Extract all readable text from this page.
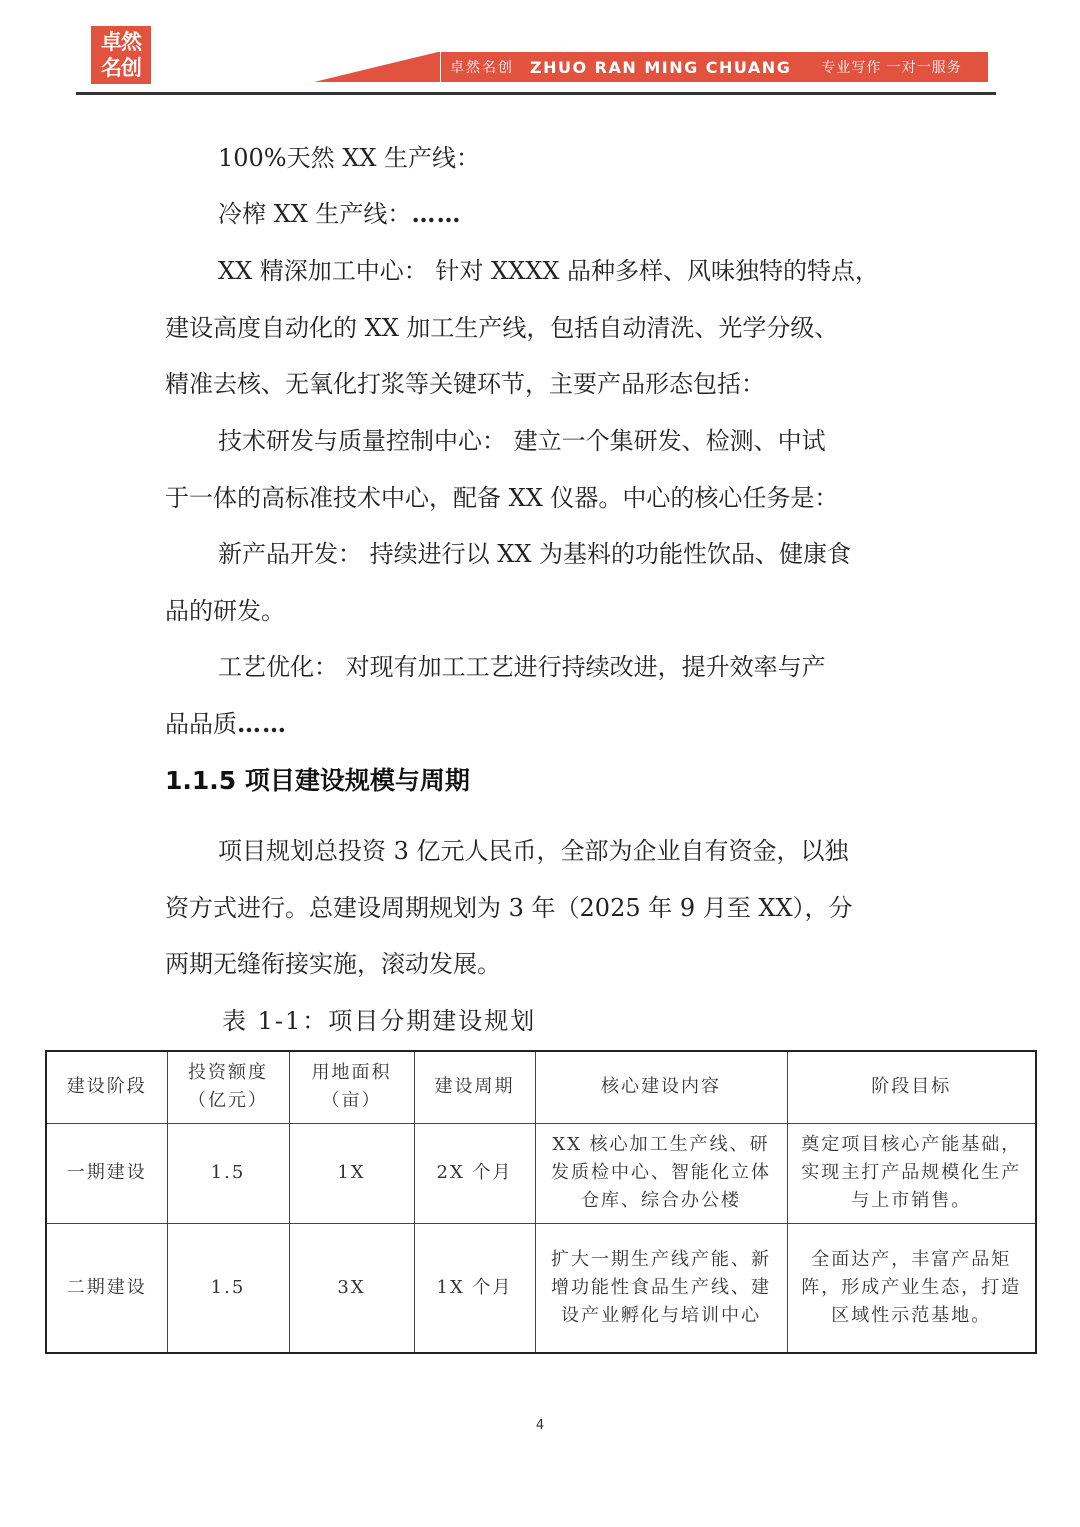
卓然
名创	卓然名创 ZHUO RAN MING CHUANG 专业写作 一对一服务
100%天然 XX 生产线：
冷榨 XX 生产线：……
XX 精深加工中心： 针对 XXXX 品种多样、风味独特的特点，
建设高度自动化的 XX 加工生产线，包括自动清洗、光学分级、
精准去核、无氧化打浆等关键环节，主要产品形态包括：
技术研发与质量控制中心： 建立一个集研发、检测、中试
于一体的高标准技术中心，配备 XX 仪器。中心的核心任务是：
新产品开发： 持续进行以 XX 为基料的功能性饮品、健康食
品的研发。
工艺优化： 对现有加工工艺进行持续改进，提升效率与产
品品质……
1.1.5 项目建设规模与周期
项目规划总投资 3 亿元人民币，全部为企业自有资金，以独
资方式进行。总建设周期规划为 3 年（2025 年 9 月至 XX），分
两期无缝衔接实施，滚动发展。
表 1-1：项目分期建设规划
建设阶段	投资额度（亿元）	用地面积（亩）	建设周期	核心建设内容	阶段目标
一期建设	1.5	1X	2X 个月	XX 核心加工生产线、研发质检中心、智能化立体仓库、综合办公楼	奠定项目核心产能基础，实现主打产品规模化生产与上市销售。
二期建设	1.5	3X	1X 个月	扩大一期生产线产能、新增功能性食品生产线、建设产业孵化与培训中心	全面达产，丰富产品矩阵，形成产业生态，打造区域性示范基地。
4
